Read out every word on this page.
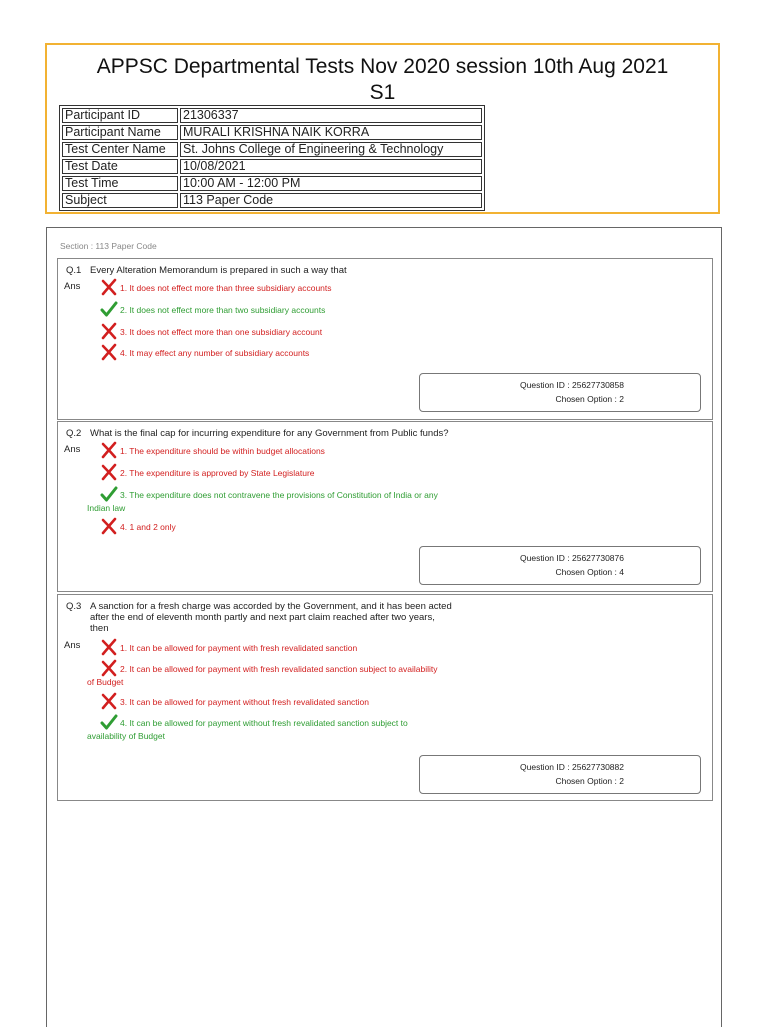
APPSC Departmental Tests Nov 2020 session 10th Aug 2021
S1
Participant ID	21306337
Participant Name	MURALI KRISHNA NAIK KORRA
Test Center Name	St. Johns College of Engineering & Technology
Test Date	10/08/2021
Test Time	10:00 AM - 12:00 PM
Subject	113 Paper Code
Section : 113 Paper Code
Q.1 Every Alteration Memorandum is prepared in such a way that
Ans	1. It does not effect more than three subsidiary accounts
2. It does not effect more than two subsidiary accounts
3. It does not effect more than one subsidiary account
4. It may effect any number of subsidiary accounts
Question ID : 25627730858
Chosen Option : 2
Q.2 What is the final cap for incurring expenditure for any Government from Public funds?
Ans	1. The expenditure should be within budget allocations
2. The expenditure is approved by State Legislature
3. The expenditure does not contravene the provisions of Constitution of India or any
Indian law
4. 1 and 2 only
Question ID : 25627730876
Chosen Option : 4
Q.3 A sanction for a fresh charge was accorded by the Government, and it has been acted
after the end of eleventh month partly and next part claim reached after two years,
then
Ans	1. It can be allowed for payment with fresh revalidated sanction
2. It can be allowed for payment with fresh revalidated sanction subject to availability
of Budget
3. It can be allowed for payment without fresh revalidated sanction
4. It can be allowed for payment without fresh revalidated sanction subject to
availability of Budget
Question ID : 25627730882
Chosen Option : 2
